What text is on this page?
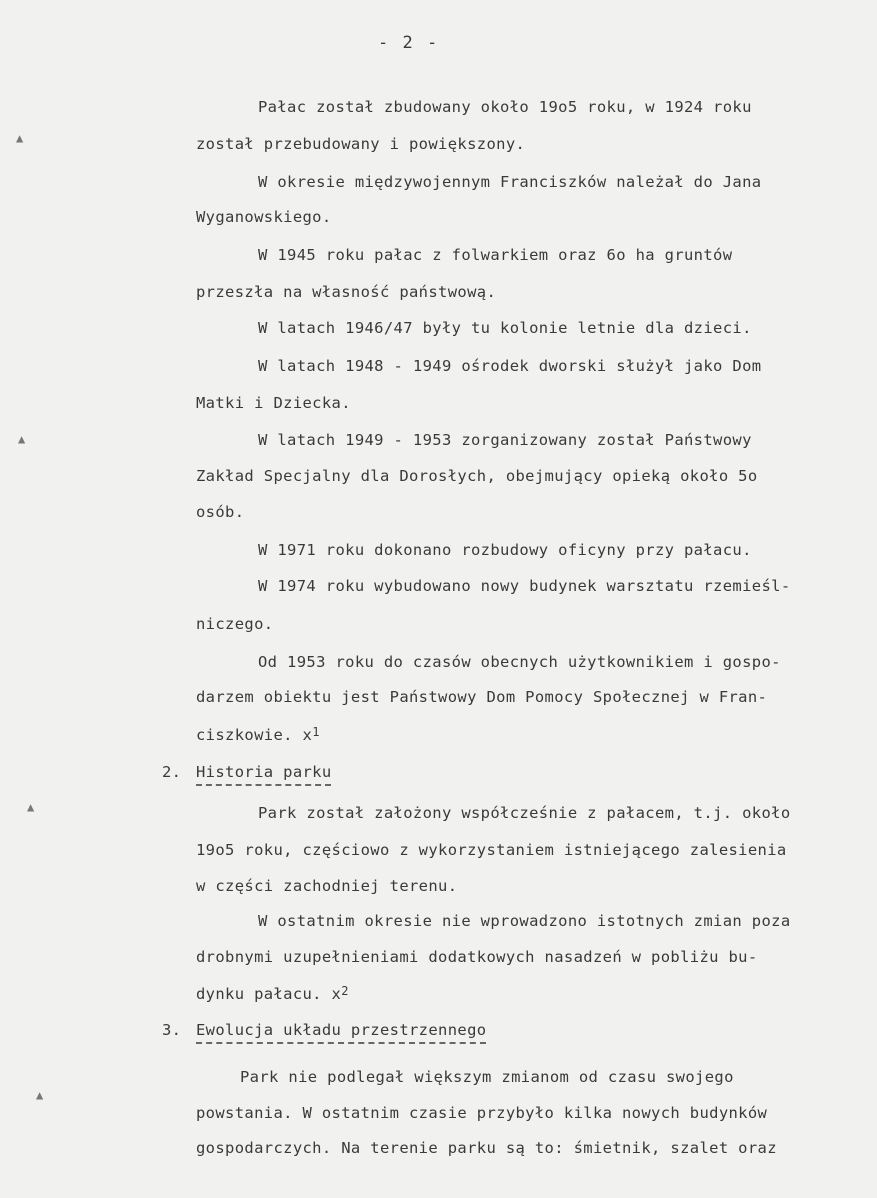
- 2 -
Pałac został zbudowany około 19o5 roku, w 1924 roku
został przebudowany i powiększony.
W okresie międzywojennym Franciszków należał do Jana
Wyganowskiego.
W 1945 roku pałac z folwarkiem oraz 6o ha gruntów
przeszła na własność państwową.
W latach 1946/47 były tu kolonie letnie dla dzieci.
W latach 1948 - 1949 ośrodek dworski służył jako Dom
Matki i Dziecka.
W latach 1949 - 1953 zorganizowany został Państwowy
Zakład Specjalny dla Dorosłych, obejmujący opieką około 5o
osób.
W 1971 roku dokonano rozbudowy oficyny przy pałacu.
W 1974 roku wybudowano nowy budynek warsztatu rzemieśl-
niczego.
Od 1953 roku do czasów obecnych użytkownikiem i gospo-
darzem obiektu jest Państwowy Dom Pomocy Społecznej w Fran-
ciszkowie. $x^1$
2. Historia parku
Park został założony współcześnie z pałacem, t.j. około
19o5 roku, częściowo z wykorzystaniem istniejącego zalesienia
w części zachodniej terenu.
W ostatnim okresie nie wprowadzono istotnych zmian poza
drobnymi uzupełnieniami dodatkowych nasadzeń w pobliżu bu-
dynku pałacu. $x^2$
3. Ewolucja układu przestrzennego
Park nie podlegał większym zmianom od czasu swojego
powstania. W ostatnim czasie przybyło kilka nowych budynków
gospodarczych. Na terenie parku są to: śmietnik, szalet oraz
▲
▲
▲
▲
